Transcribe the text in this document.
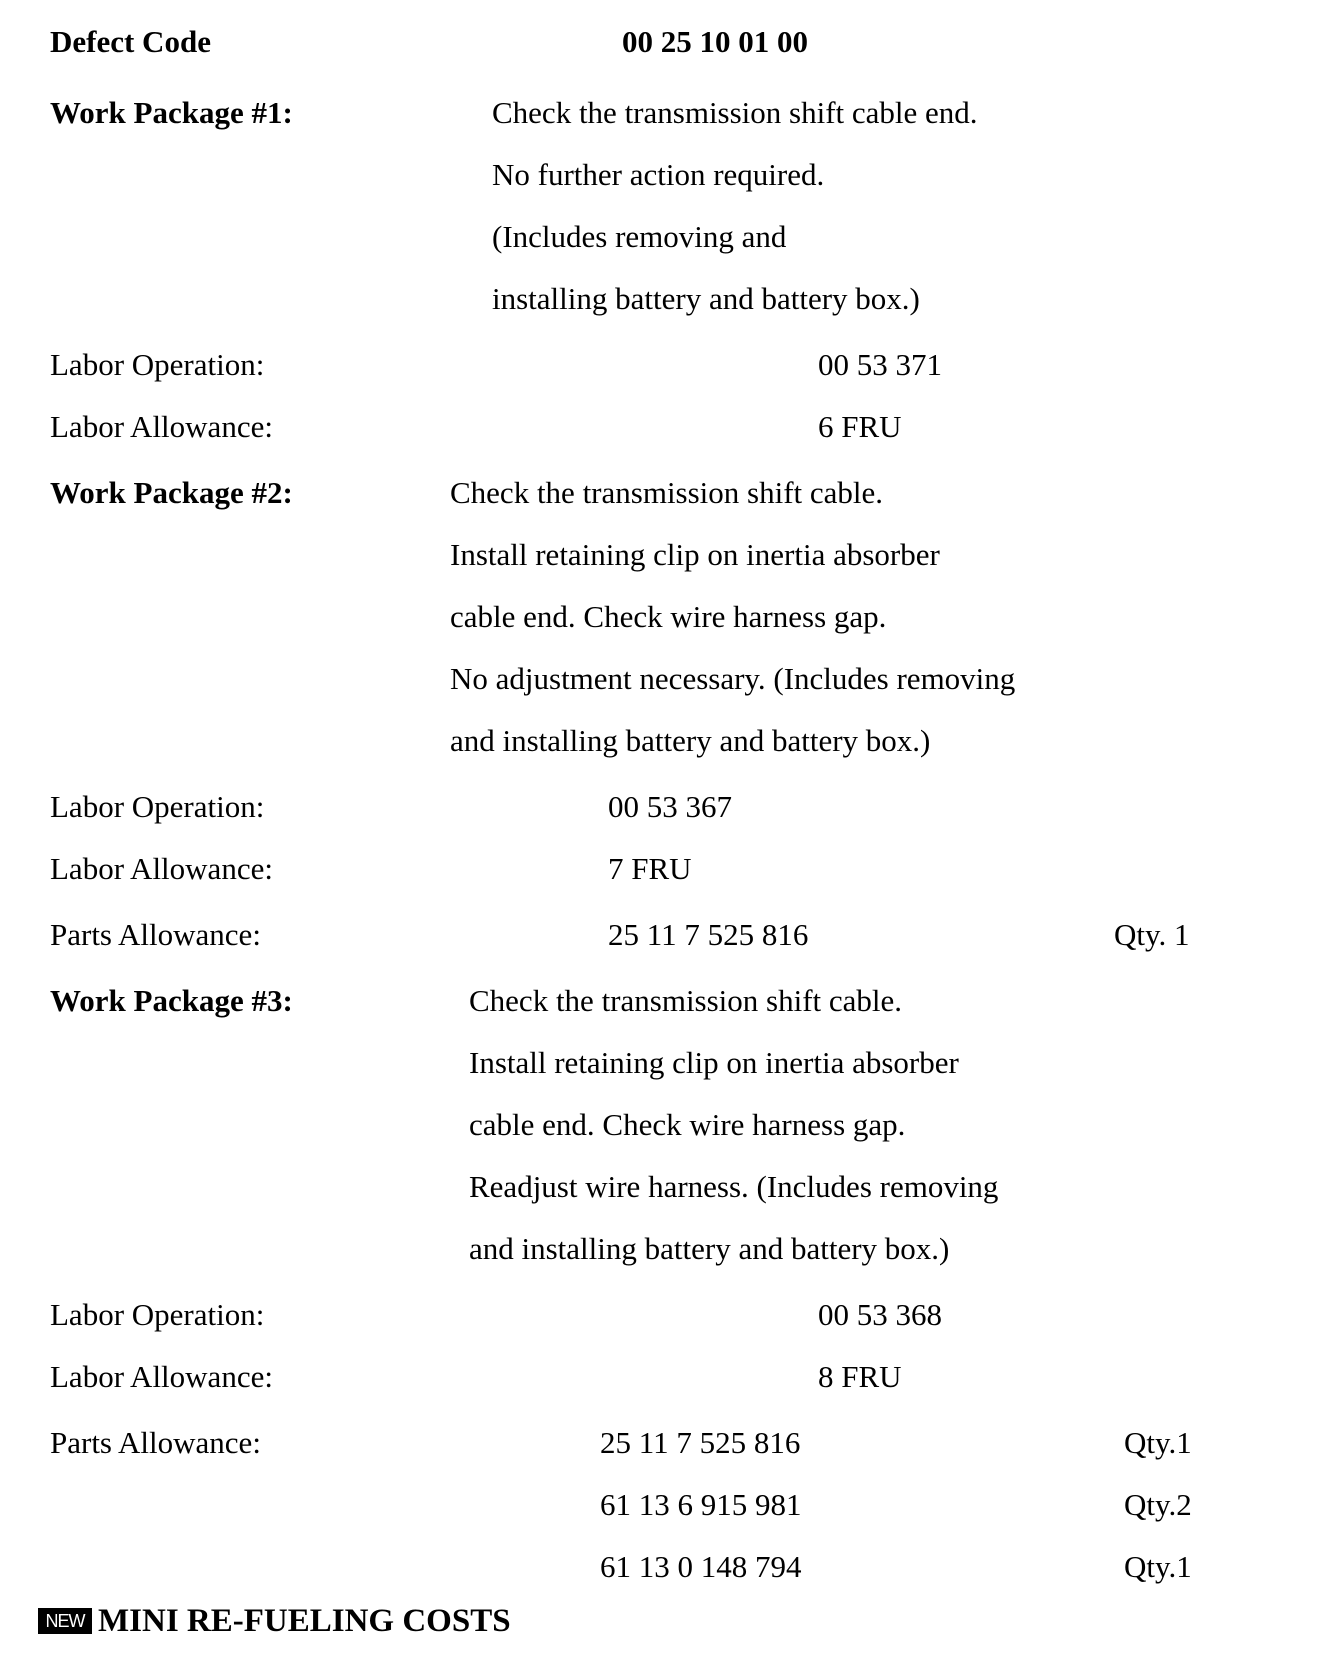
Defect Code	00 25 10 01 00
Work Package #1:	Check the transmission shift cable end.
No further action required.
(Includes removing and
installing battery and battery box.)
Labor Operation:	00 53 371
Labor Allowance:	6 FRU
Work Package #2:	Check the transmission shift cable.
Install retaining clip on inertia absorber
cable end. Check wire harness gap.
No adjustment necessary. (Includes removing
and installing battery and battery box.)
Labor Operation:	00 53 367
Labor Allowance:	7 FRU
Parts Allowance:	25 11 7 525 816	Qty. 1
Work Package #3:	Check the transmission shift cable.
Install retaining clip on inertia absorber
cable end. Check wire harness gap.
Readjust wire harness. (Includes removing
and installing battery and battery box.)
Labor Operation:	00 53 368
Labor Allowance:	8 FRU
Parts Allowance:	25 11 7 525 816	Qty.1
61 13 6 915 981	Qty.2
61 13 0 148 794	Qty.1
NEW MINI RE-FUELING COSTS
